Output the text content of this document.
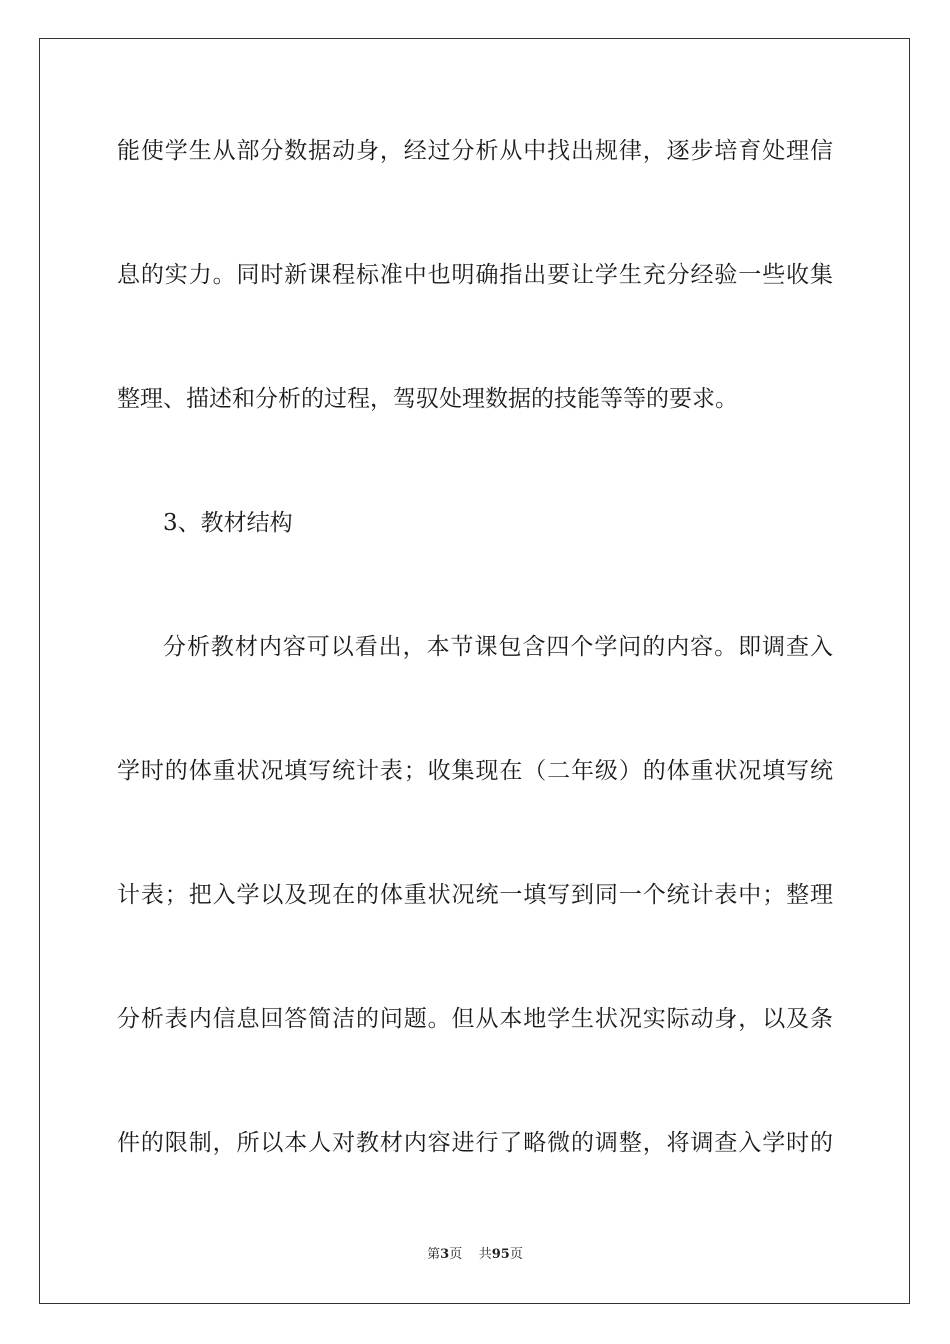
能使学生从部分数据动身，经过分析从中找出规律，逐步培育处理信
息的实力。同时新课程标准中也明确指出要让学生充分经验一些收集
整理、描述和分析的过程，驾驭处理数据的技能等等的要求。
3、教材结构
分析教材内容可以看出，本节课包含四个学问的内容。即调查入
学时的体重状况填写统计表；收集现在（二年级）的体重状况填写统
计表；把入学以及现在的体重状况统一填写到同一个统计表中；整理
分析表内信息回答简洁的问题。但从本地学生状况实际动身，以及条
件的限制，所以本人对教材内容进行了略微的调整，将调查入学时的
第3页 共95页
